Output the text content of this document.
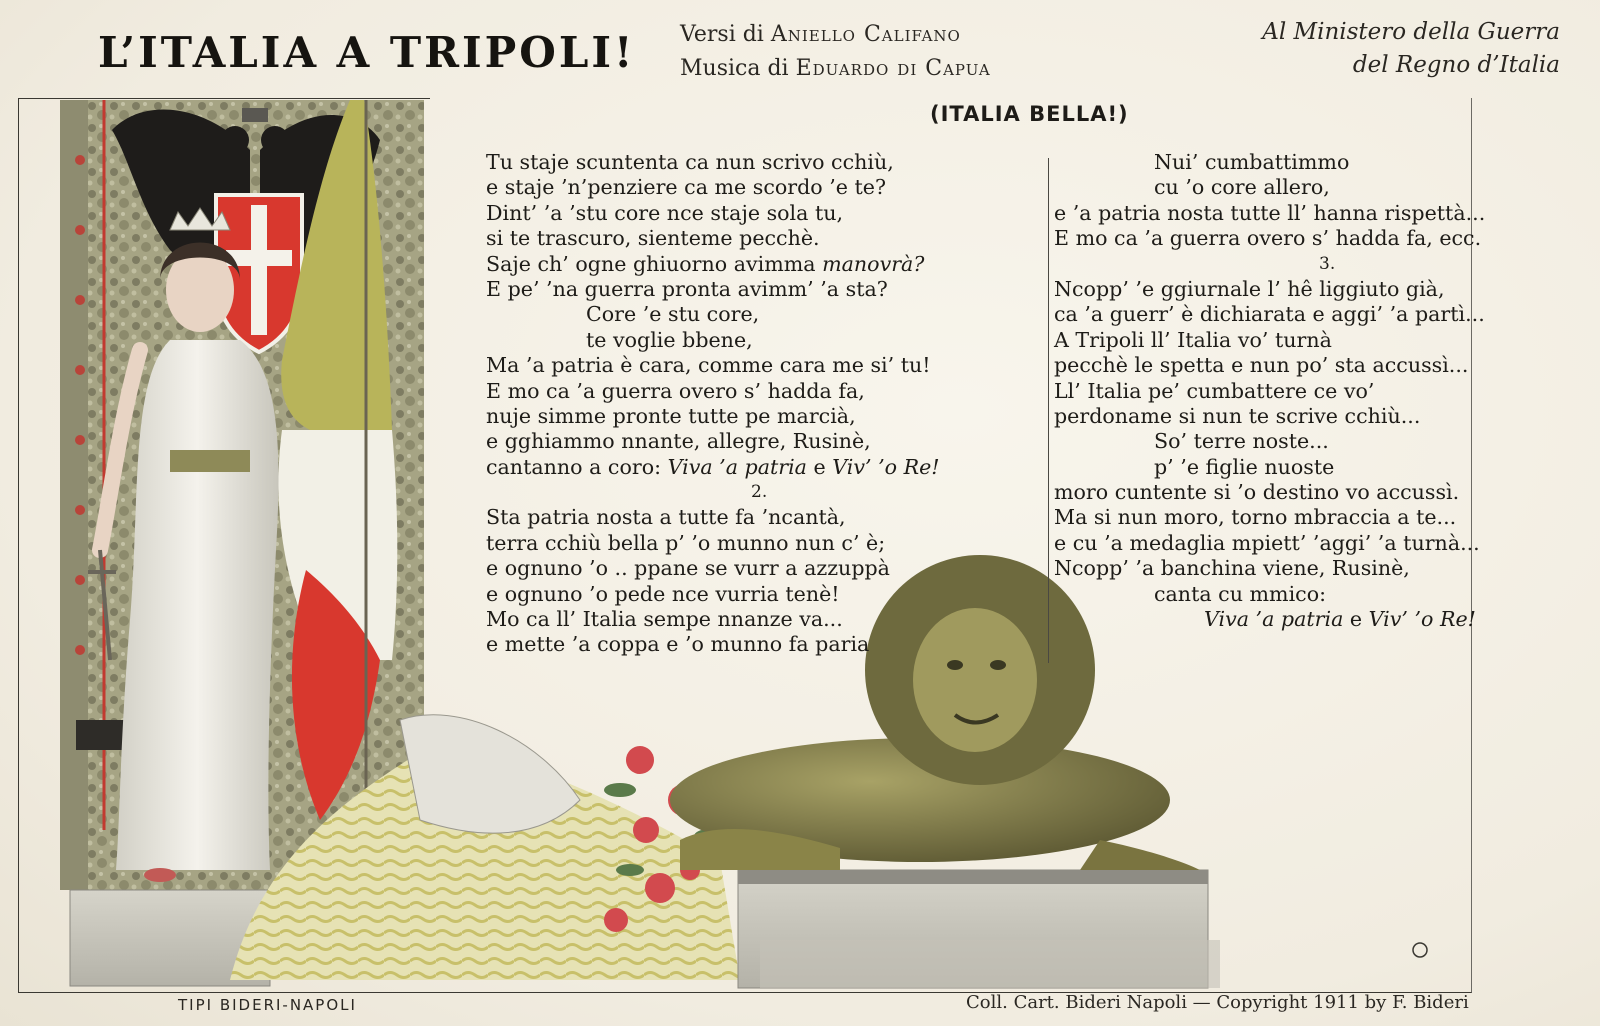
L’ITALIA A TRIPOLI! Versi di Aniello Califano
Musica di Eduardo di Capua
Al Ministero della Guerra
del Regno d’Italia
(ITALIA BELLA!)
Tu staje scuntenta ca nun scrivo cchiù,
e staje ’n’penziere ca me scordo ’e te?
Dint’ ’a ’stu core nce staje sola tu,
si te trascuro, sienteme pecchè.
Saje ch’ ogne ghiuorno avimma manovrà?
E pe’ ’na guerra pronta avimm’ ’a sta?
Core ’e stu core,
te voglie bbene,
Ma ’a patria è cara, comme cara me si’ tu!
E mo ca ’a guerra overo s’ hadda fa,
nuje simme pronte tutte pe marcià,
e gghiammo nnante, allegre, Rusinè,
cantanno a coro: Viva ’a patria e Viv’ ’o Re!
2.
Sta patria nosta a tutte fa ’ncantà,
terra cchiù bella p’ ’o munno nun c’ è;
e ognuno ’o .. ppane se vurr a azzuppà
e ognuno ’o pede nce vurria tenè!
Mo ca ll’ Italia sempe nnanze va...
e mette ’a coppa e ’o munno fa paria
Nui’ cumbattimmo
cu ’o core allero,
e ’a patria nosta tutte ll’ hanna rispettà...
E mo ca ’a guerra overo s’ hadda fa, ecc.
3.
Ncopp’ ’e ggiurnale l’ hê liggiuto già,
ca ’a guerr’ è dichiarata e aggi’ ’a partì...
A Tripoli ll’ Italia vo’ turnà
pecchè le spetta e nun po’ sta accussì...
Ll’ Italia pe’ cumbattere ce vo’
perdoname si nun te scrive cchiù...
So’ terre noste...
p’ ’e figlie nuoste
moro cuntente si ’o destino vo accussì.
Ma si nun moro, torno mbraccia a te...
e cu ’a medaglia mpiett’ ’aggi’ ’a turnà...
Ncopp’ ’a banchina viene, Rusinè,
canta cu mmico:
Viva ’a patria e Viv’ ’o Re!
TIPI BIDERI-NAPOLI	Coll. Cart. Bideri Napoli — Copyright 1911 by F. Bideri
